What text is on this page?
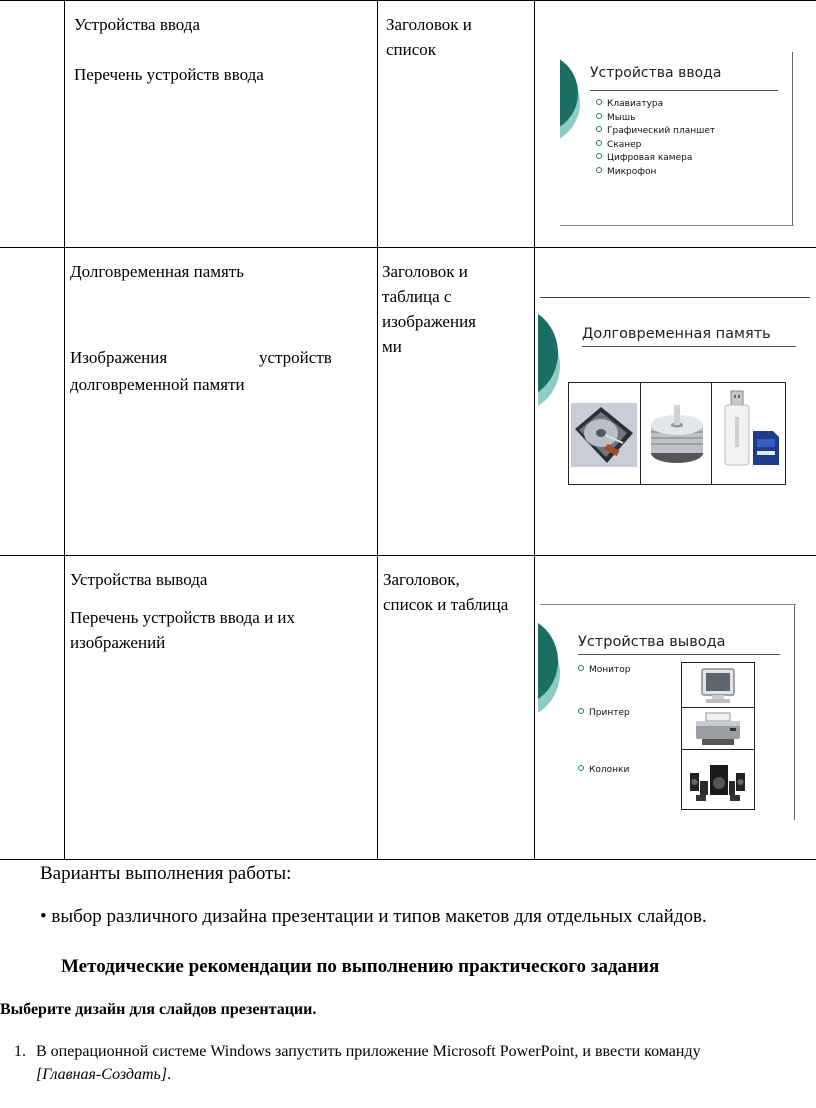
Устройства ввода
Перечень устройств ввода
Заголовок и список
Устройства ввода
Клавиатура
Мышь
Графический планшет
Сканер
Цифровая камера
Микрофон
Долговременная память
Изображения	устройств
долговременной памяти
Заголовок и
таблица с
изображения
ми
Долговременная память
Устройства вывода
Перечень устройств ввода и их изображений
Заголовок,
список и таблица
Устройства вывода
Монитор
Принтер
Колонки
Варианты выполнения работы:
• выбор различного дизайна презентации и типов макетов для отдельных слайдов.
Методические рекомендации по выполнению практического задания
Выберите дизайн для слайдов презентации.
1. В операционной системе Windows запустить приложение Microsoft PowerPoint, и ввести команду
[Главная-Создать].
